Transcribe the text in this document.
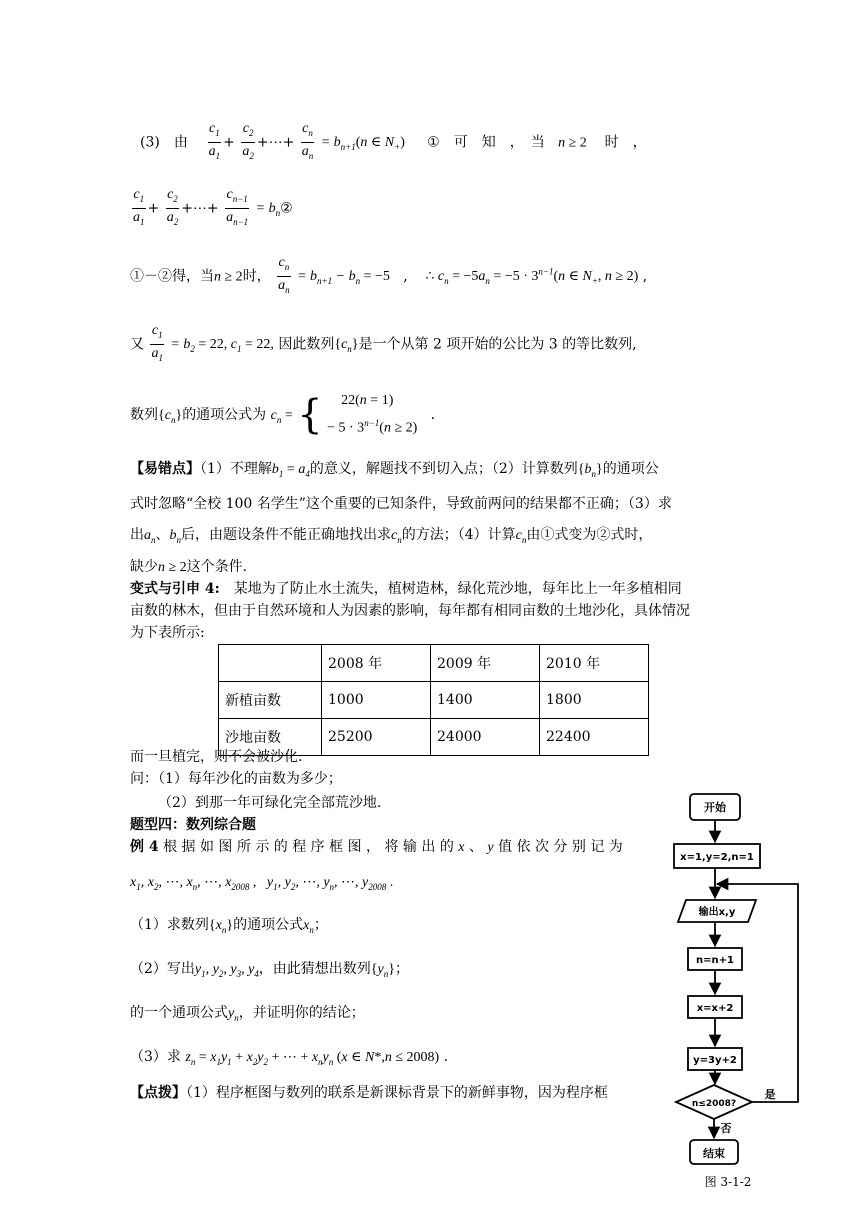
(3)　由 $\frac{c_1}{a_1} + \frac{c_2}{a_2}$ +⋯+ $\frac{c_n}{a_n} = b_{n+1}(n$ ∈ $N_+$) ①　可　知　，　当 n ≥ 2 时　，
$\frac{c_1}{a_1} + \frac{c_2}{a_2}$ +⋯+ $\frac{c_{n-1}}{a_{n-1}}$ = $b_n②$
①－②得，当n ≥ 2时， $\frac{c_n}{a_n} = b_{n+1} - b_n = -5$   ,    ∴ $c_n = -5a_n = -5 \cdot 3^{n-1}(n$ ∈ $N_+$, n ≥ 2) ,
又 $\frac{c_1}{a_1} = b_2 = 22$, $c_1 = 22$, 因此数列$\{c_n\}$是一个从第 2 项开始的公比为 3 的等比数列,
数列$\{c_n\}$的通项公式为 $c_n$ = {	22(n = 1)
− $5 \cdot 3^{n-1}(n \ge 2)$
.
【易错点】（1）不理解$b_1 = a_4$的意义，解题找不到切入点；（2）计算数列$\{b_n\}$的通项公
式时忽略“全校 100 名学生”这个重要的已知条件，导致前两问的结果都不正确；（3）求
出$a_n$、$b_n$后，由题设条件不能正确地找出求$c_n$的方法；（4）计算$c_n$由①式变为②式时，
缺少n ≥ 2这个条件.
变式与引申 4:　某地为了防止水土流失，植树造林，绿化荒沙地，每年比上一年多植相同
亩数的林木，但由于自然环境和人为因素的影响，每年都有相同亩数的土地沙化，具体情况
为下表所示:
	2008 年	2009 年	2010 年
新植亩数	1000	1400	1800
沙地亩数	25200	24000	22400
而一旦植完，则不会被沙化.
问：（1）每年沙化的亩数为多少；
（2）到那一年可绿化完全部荒沙地.
题型四：数列综合题
例 4 根 据 如 图 所 示 的 程 序 框 图 ， 将 输 出 的 x 、 y 值 依 次 分 别 记 为
$x_1$, $x_2$, ⋯, $x_n$, ⋯, $x_{2008}$ ,   $y_1$, $y_2$, ⋯, $y_n$, ⋯, $y_{2008}$ .
（1）求数列$\{x_n\}$的通项公式$x_n$；
（2）写出$y_1$, $y_2$, $y_3$, $y_4$，由此猜想出数列$\{y_n\}$；
的一个通项公式$y_n$，并证明你的结论；
（3）求 $z_n = x_1y_1 + x_2y_2$ + ⋯ + $x_ny_n$ (x ∈ N*,n ≤ 2008) .
【点拨】（1）程序框图与数列的联系是新课标背景下的新鲜事物，因为程序框
开始
x=1,y=2,n=1
输出x,y
n=n+1
x=x+2
y=3y+2
n≤2008?
是
否
结束
图 3-1-2
